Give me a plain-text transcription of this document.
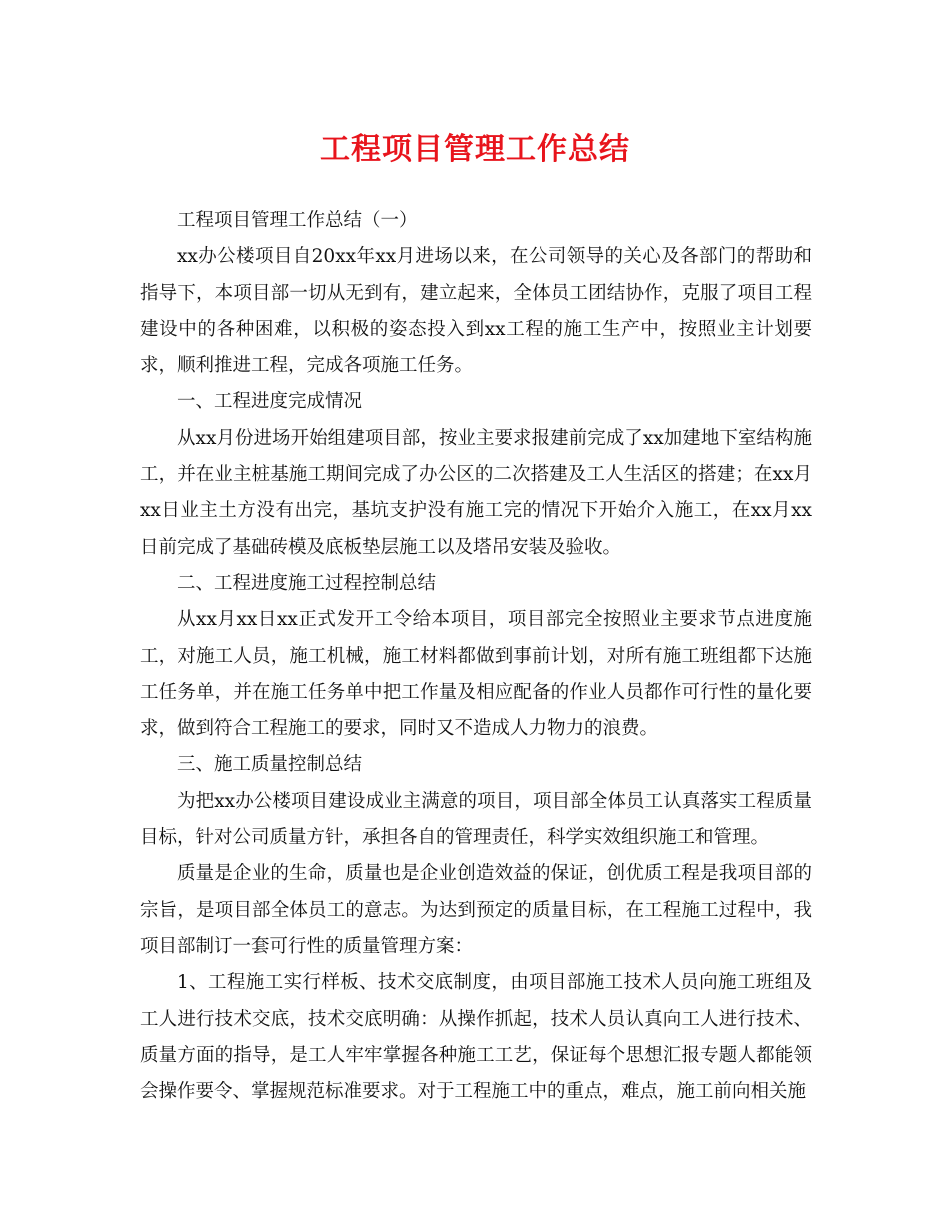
工程项目管理工作总结

工程项目管理工作总结（一）

xx办公楼项目自20xx年xx月进场以来，在公司领导的关心及各部门的帮助和指导下，本项目部一切从无到有，建立起来，全体员工团结协作，克服了项目工程建设中的各种困难，以积极的姿态投入到xx工程的施工生产中，按照业主计划要求，顺利推进工程，完成各项施工任务。

一、工程进度完成情况

从xx月份进场开始组建项目部，按业主要求报建前完成了xx加建地下室结构施工，并在业主桩基施工期间完成了办公区的二次搭建及工人生活区的搭建；在xx月xx日业主土方没有出完，基坑支护没有施工完的情况下开始介入施工，在xx月xx日前完成了基础砖模及底板垫层施工以及塔吊安装及验收。

二、工程进度施工过程控制总结

从xx月xx日xx正式发开工令给本项目，项目部完全按照业主要求节点进度施工，对施工人员，施工机械，施工材料都做到事前计划，对所有施工班组都下达施工任务单，并在施工任务单中把工作量及相应配备的作业人员都作可行性的量化要求，做到符合工程施工的要求，同时又不造成人力物力的浪费。

三、施工质量控制总结

为把xx办公楼项目建设成业主满意的项目，项目部全体员工认真落实工程质量目标，针对公司质量方针，承担各自的管理责任，科学实效组织施工和管理。

质量是企业的生命，质量也是企业创造效益的保证，创优质工程是我项目部的宗旨，是项目部全体员工的意志。为达到预定的质量目标，在工程施工过程中，我项目部制订一套可行性的质量管理方案：

1、工程施工实行样板、技术交底制度，由项目部施工技术人员向施工班组及工人进行技术交底，技术交底明确：从操作抓起，技术人员认真向工人进行技术、质量方面的指导，是工人牢牢掌握各种施工工艺，保证每个思想汇报专题人都能领会操作要令、掌握规范标准要求。对于工程施工中的重点，难点，施工前向相关施
